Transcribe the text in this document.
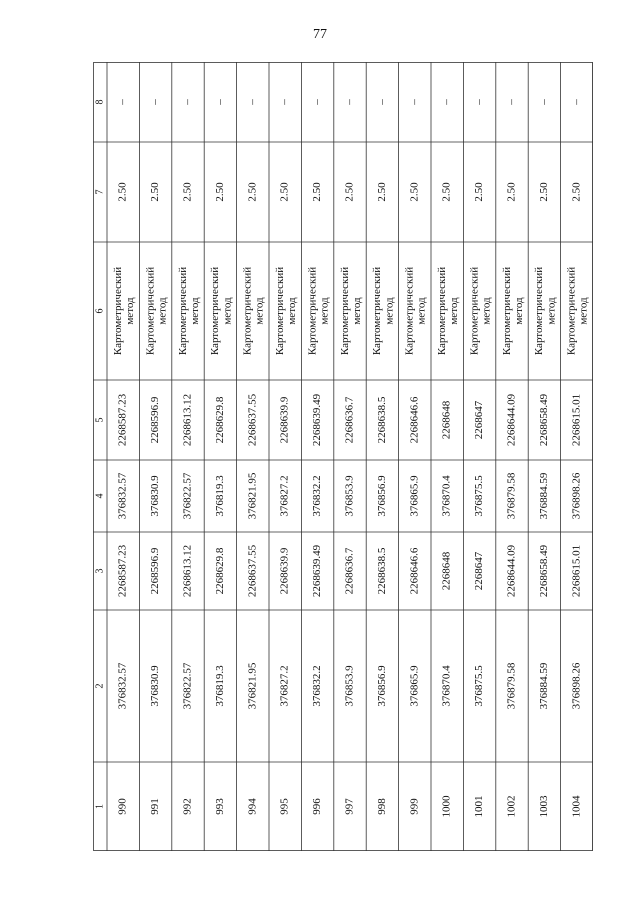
77
1
2
3
4
5
6
7
8
990
376832.57
2268587.23
376832.57
2268587.23
Картометрическийметод
2.50
–
991
376830.9
2268596.9
376830.9
2268596.9
Картометрическийметод
2.50
–
992
376822.57
2268613.12
376822.57
2268613.12
Картометрическийметод
2.50
–
993
376819.3
2268629.8
376819.3
2268629.8
Картометрическийметод
2.50
–
994
376821.95
2268637.55
376821.95
2268637.55
Картометрическийметод
2.50
–
995
376827.2
2268639.9
376827.2
2268639.9
Картометрическийметод
2.50
–
996
376832.2
2268639.49
376832.2
2268639.49
Картометрическийметод
2.50
–
997
376853.9
2268636.7
376853.9
2268636.7
Картометрическийметод
2.50
–
998
376856.9
2268638.5
376856.9
2268638.5
Картометрическийметод
2.50
–
999
376865.9
2268646.6
376865.9
2268646.6
Картометрическийметод
2.50
–
1000
376870.4
2268648
376870.4
2268648
Картометрическийметод
2.50
–
1001
376875.5
2268647
376875.5
2268647
Картометрическийметод
2.50
–
1002
376879.58
2268644.09
376879.58
2268644.09
Картометрическийметод
2.50
–
1003
376884.59
2268658.49
376884.59
2268658.49
Картометрическийметод
2.50
–
1004
376898.26
2268615.01
376898.26
2268615.01
Картометрическийметод
2.50
–
